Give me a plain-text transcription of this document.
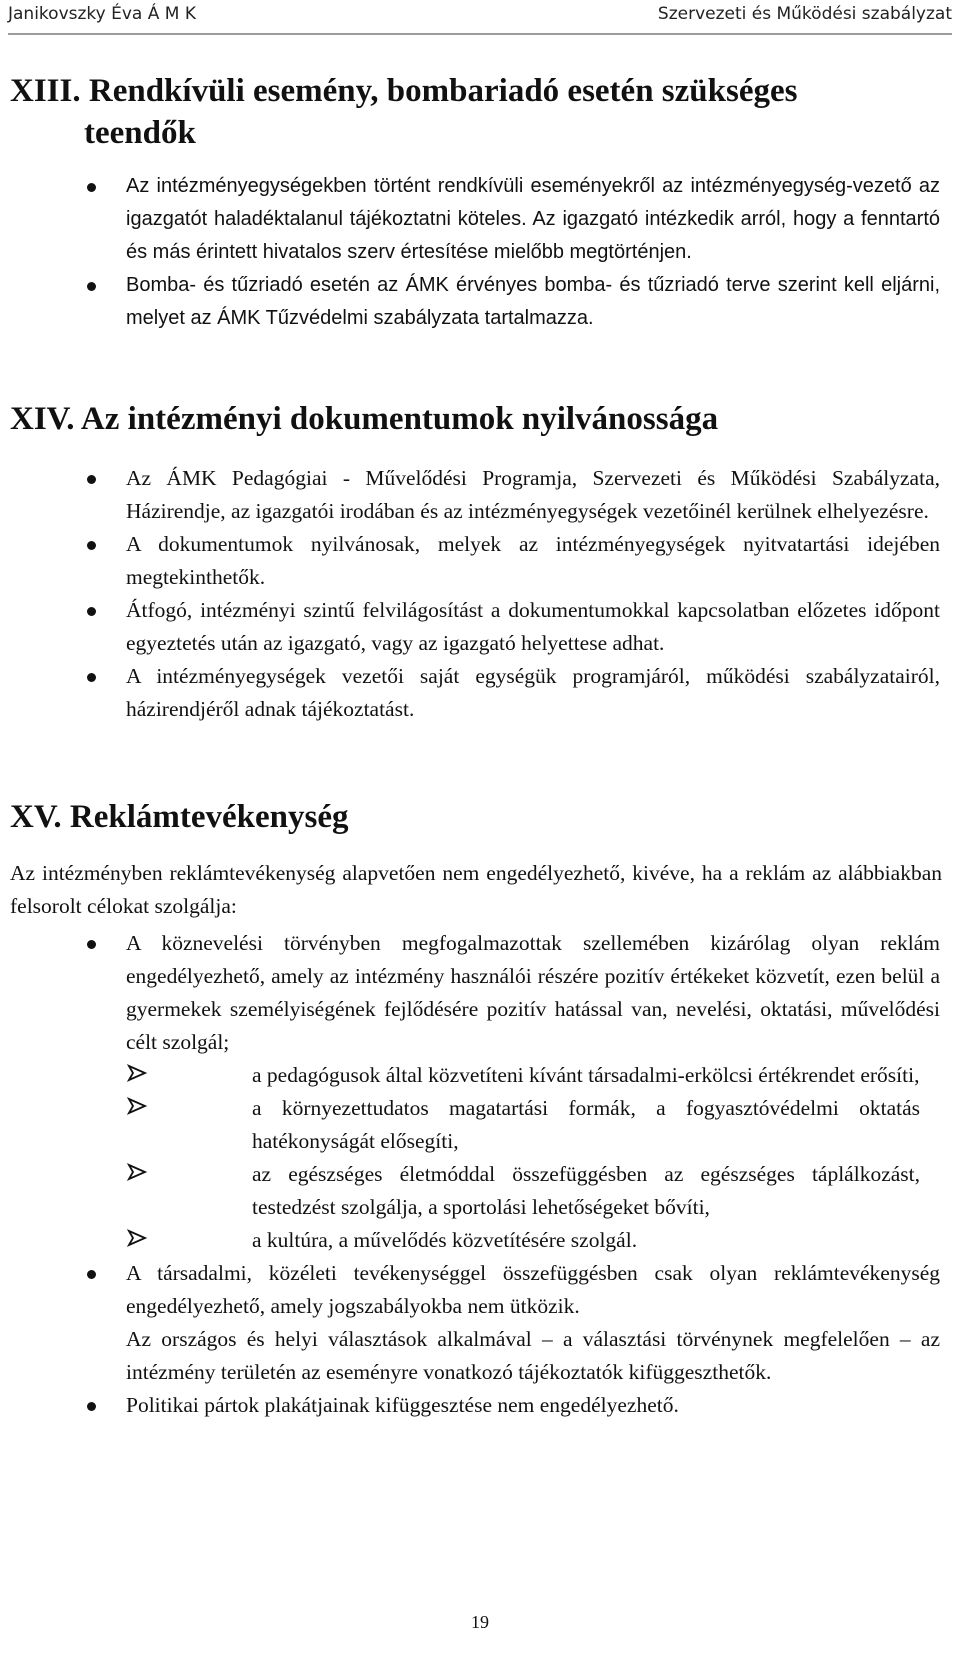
Janikovszky Éva Á M K	Szervezeti és Működési szabályzat
XIII. Rendkívüli esemény, bombariadó esetén szükséges
teendők
Az intézményegységekben történt rendkívüli eseményekről az intézményegység-vezető az igazgatót haladéktalanul tájékoztatni köteles. Az igazgató intézkedik arról, hogy a fenntartó és más érintett hivatalos szerv értesítése mielőbb megtörténjen.
Bomba- és tűzriadó esetén az ÁMK érvényes bomba- és tűzriadó terve szerint kell eljárni, melyet az ÁMK Tűzvédelmi szabályzata tartalmazza.
XIV. Az intézményi dokumentumok nyilvánossága
Az ÁMK Pedagógiai - Művelődési Programja, Szervezeti és Működési Szabályzata, Házirendje, az igazgatói irodában és az intézményegységek vezetőinél kerülnek elhelyezésre.
A dokumentumok nyilvánosak, melyek az intézményegységek nyitvatartási idejében megtekinthetők.
Átfogó, intézményi szintű felvilágosítást a dokumentumokkal kapcsolatban előzetes időpont egyeztetés után az igazgató, vagy az igazgató helyettese adhat.
A intézményegységek vezetői saját egységük programjáról, működési szabályzatairól, házirendjéről adnak tájékoztatást.
XV. Reklámtevékenység

Az intézményben reklámtevékenység alapvetően nem engedélyezhető, kivéve, ha a reklám az alábbiakban felsorolt célokat szolgálja:

A köznevelési törvényben megfogalmazottak szellemében kizárólag olyan reklám engedélyezhető, amely az intézmény használói részére pozitív értékeket közvetít, ezen belül a gyermekek személyiségének fejlődésére pozitív hatással van, nevelési, oktatási, művelődési célt szolgál;
a pedagógusok által közvetíteni kívánt társadalmi-erkölcsi értékrendet erősíti,
a környezettudatos magatartási formák, a fogyasztóvédelmi oktatás hatékonyságát elősegíti,
az egészséges életmóddal összefüggésben az egészséges táplálkozást, testedzést szolgálja, a sportolási lehetőségeket bővíti,
a kultúra, a művelődés közvetítésére szolgál.
A társadalmi, közéleti tevékenységgel összefüggésben csak olyan reklámtevékenység engedélyezhető, amely jogszabályokba nem ütközik.
Az országos és helyi választások alkalmával – a választási törvénynek megfelelően – az intézmény területén az eseményre vonatkozó tájékoztatók kifüggeszthetők.
Politikai pártok plakátjainak kifüggesztése nem engedélyezhető.
19
